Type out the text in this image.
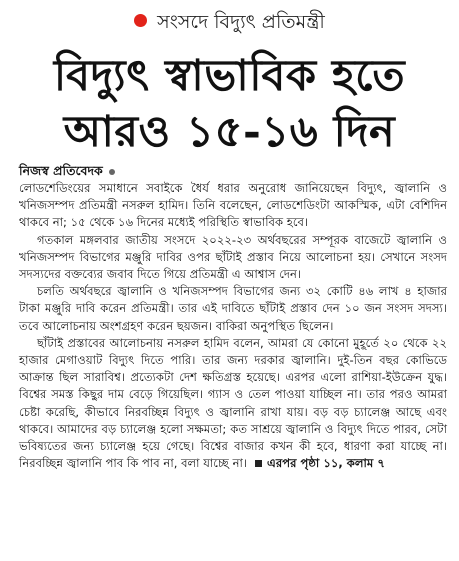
সংসদে বিদ্যুৎ প্রতিমন্ত্রী
বিদ্যুৎ স্বাভাবিক হতে
আরও ১৫-১৬ দিন
নিজস্ব প্রতিবেদক

লোডশেডিংয়ের সমাধানে সবাইকে ধৈর্য ধরার অনুরোধ জানিয়েছেন বিদ্যুৎ, জ্বালানি ও খনিজসম্পদ প্রতিমন্ত্রী নসরুল হামিদ। তিনি বলেছেন, লোডশেডিংটা আকস্মিক, এটা বেশিদিন থাকবে না; ১৫ থেকে ১৬ দিনের মধ্যেই পরিস্থিতি স্বাভাবিক হবে।

গতকাল মঙ্গলবার জাতীয় সংসদে ২০২২-২৩ অর্থবছরের সম্পূরক বাজেটে জ্বালানি ও খনিজসম্পদ বিভাগের মঞ্জুরি দাবির ওপর ছাঁটাই প্রস্তাব নিয়ে আলোচনা হয়। সেখানে সংসদ সদস্যদের বক্তব্যের জবাব দিতে গিয়ে প্রতিমন্ত্রী এ আশ্বাস দেন।

চলতি অর্থবছরে জ্বালানি ও খনিজসম্পদ বিভাগের জন্য ৩২ কোটি ৪৬ লাখ ৪ হাজার টাকা মঞ্জুরি দাবি করেন প্রতিমন্ত্রী। তার এই দাবিতে ছাঁটাই প্রস্তাব দেন ১০ জন সংসদ সদস্য। তবে আলোচনায় অংশগ্রহণ করেন ছয়জন। বাকিরা অনুপস্থিত ছিলেন।

ছাঁটাই প্রস্তাবের আলোচনায় নসরুল হামিদ বলেন, আমরা যে কোনো মুহূর্তে ২০ থেকে ২২ হাজার মেগাওয়াট বিদ্যুৎ দিতে পারি। তার জন্য দরকার জ্বালানি। দুই-তিন বছর কোভিডে আক্রান্ত ছিল সারাবিশ্ব। প্রত্যেকটা দেশ ক্ষতিগ্রস্ত হয়েছে। এরপর এলো রাশিয়া-ইউক্রেন যুদ্ধ। বিশ্বের সমস্ত কিছুর দাম বেড়ে গিয়েছিল। গ্যাস ও তেল পাওয়া যাচ্ছিল না। তার পরও আমরা চেষ্টা করেছি, কীভাবে নিরবচ্ছিন্ন বিদ্যুৎ ও জ্বালানি রাখা যায়। বড় বড় চ্যালেঞ্জ আছে এবং থাকবে। আমাদের বড় চ্যালেঞ্জ হলো সক্ষমতা; কত সাশ্রয়ে জ্বালানি ও বিদ্যুৎ দিতে পারব, সেটা ভবিষ্যতের জন্য চ্যালেঞ্জ হয়ে গেছে। বিশ্বের বাজার কখন কী হবে, ধারণা করা যাচ্ছে না। নিরবচ্ছিন্ন জ্বালানি পাব কি পাব না, বলা যাচ্ছে না। এরপর পৃষ্ঠা ১১, কলাম ৭
